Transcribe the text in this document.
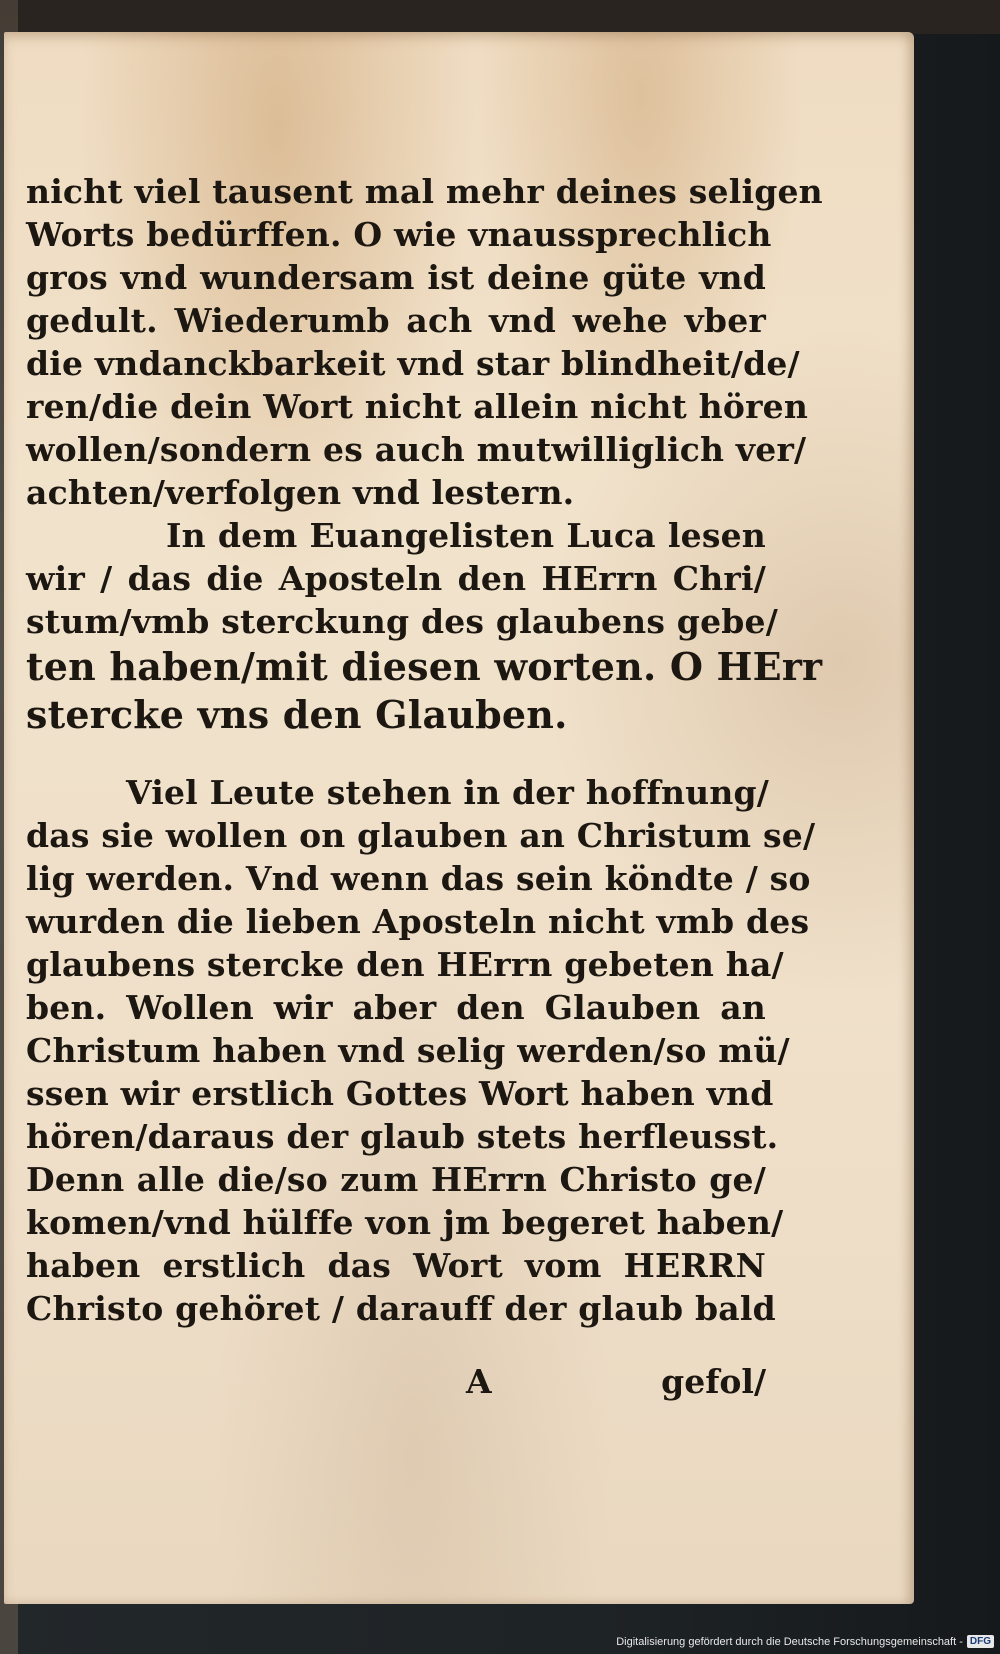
nicht viel tausent mal mehr deines seligen
Worts bedürffen. O wie vnaussprechlich
gros vnd wundersam ist deine güte vnd
gedult. Wiederumb ach vnd wehe vber
die vndanckbarkeit vnd star blindheit/de/
ren/die dein Wort nicht allein nicht hören
wollen/sondern es auch mutwilliglich ver/
achten/verfolgen vnd lestern.
In dem Euangelisten Luca lesen
wir / das die Aposteln den HErrn Chri/
stum/vmb sterckung des glaubens gebe/
ten haben/mit diesen worten. O HErr
stercke vns den Glauben.
Viel Leute stehen in der hoffnung/
das sie wollen on glauben an Christum se/
lig werden. Vnd wenn das sein köndte / so
wurden die lieben Aposteln nicht vmb des
glaubens stercke den HErrn gebeten ha/
ben. Wollen wir aber den Glauben an
Christum haben vnd selig werden/so mü/
ssen wir erstlich Gottes Wort haben vnd
hören/daraus der glaub stets herfleusst.
Denn alle die/so zum HErrn Christo ge/
komen/vnd hülffe von jm begeret haben/
haben erstlich das Wort vom HERRN
Christo gehöret / darauff der glaub bald
A	gefol/
Digitalisierung gefördert durch die Deutsche Forschungsgemeinschaft - DFG
